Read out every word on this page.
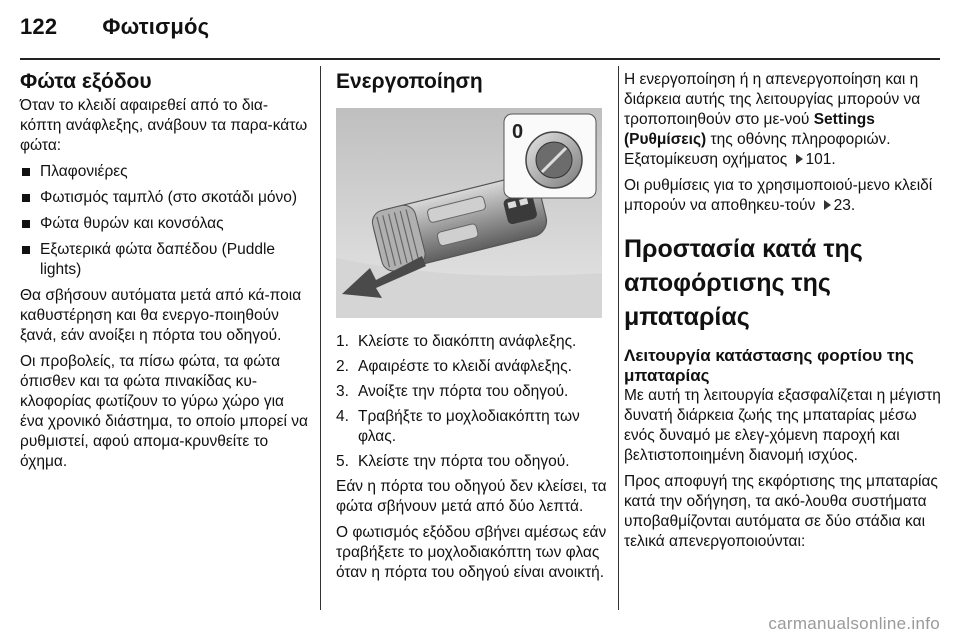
122 Φωτισμός
Φώτα εξόδου

Όταν το κλειδί αφαιρεθεί από το δια-κόπτη ανάφλεξης, ανάβουν τα παρα-κάτω φώτα:

Πλαφονιέρες
Φωτισμός ταμπλό (στο σκοτάδι μόνο)
Φώτα θυρών και κονσόλας
Εξωτερικά φώτα δαπέδου (Puddle lights)

Θα σβήσουν αυτόματα μετά από κά-ποια καθυστέρηση και θα ενεργο-ποιηθούν ξανά, εάν ανοίξει η πόρτα του οδηγού.

Οι προβολείς, τα πίσω φώτα, τα φώτα όπισθεν και τα φώτα πινακίδας κυ-κλοφορίας φωτίζουν το γύρω χώρο για ένα χρονικό διάστημα, το οποίο μπορεί να ρυθμιστεί, αφού απομα-κρυνθείτε το όχημα.

Ενεργοποίηση
0
1. Κλείστε το διακόπτη ανάφλεξης.
2. Αφαιρέστε το κλειδί ανάφλεξης.
3. Ανοίξτε την πόρτα του οδηγού.
4. Τραβήξτε το μοχλοδιακόπτη των φλας.
5. Κλείστε την πόρτα του οδηγού.

Εάν η πόρτα του οδηγού δεν κλείσει, τα φώτα σβήνουν μετά από δύο λεπτά.

Ο φωτισμός εξόδου σβήνει αμέσως εάν τραβήξετε το μοχλοδιακόπτη των φλας όταν η πόρτα του οδηγού είναι ανοικτή.

Η ενεργοποίηση ή η απενεργοποίηση και η διάρκεια αυτής της λειτουργίας μπορούν να τροποποιηθούν στο με-νού Settings (Ρυθμίσεις) της οθόνης πληροφοριών. Εξατομίκευση οχήματος 101.

Οι ρυθμίσεις για το χρησιμοποιού-μενο κλειδί μπορούν να αποθηκευ-τούν 23.

Προστασία κατά της αποφόρτισης της μπαταρίας
Λειτουργία κατάστασης φορτίου της μπαταρίας

Με αυτή τη λειτουργία εξασφαλίζεται η μέγιστη δυνατή διάρκεια ζωής της μπαταρίας μέσω ενός δυναμό με ελεγ-χόμενη παροχή και βελτιστοποιημένη διανομή ισχύος.

Προς αποφυγή της εκφόρτισης της μπαταρίας κατά την οδήγηση, τα ακό-λουθα συστήματα υποβαθμίζονται αυτόματα σε δύο στάδια και τελικά απενεργοποιούνται:

carmanualsonline.info
